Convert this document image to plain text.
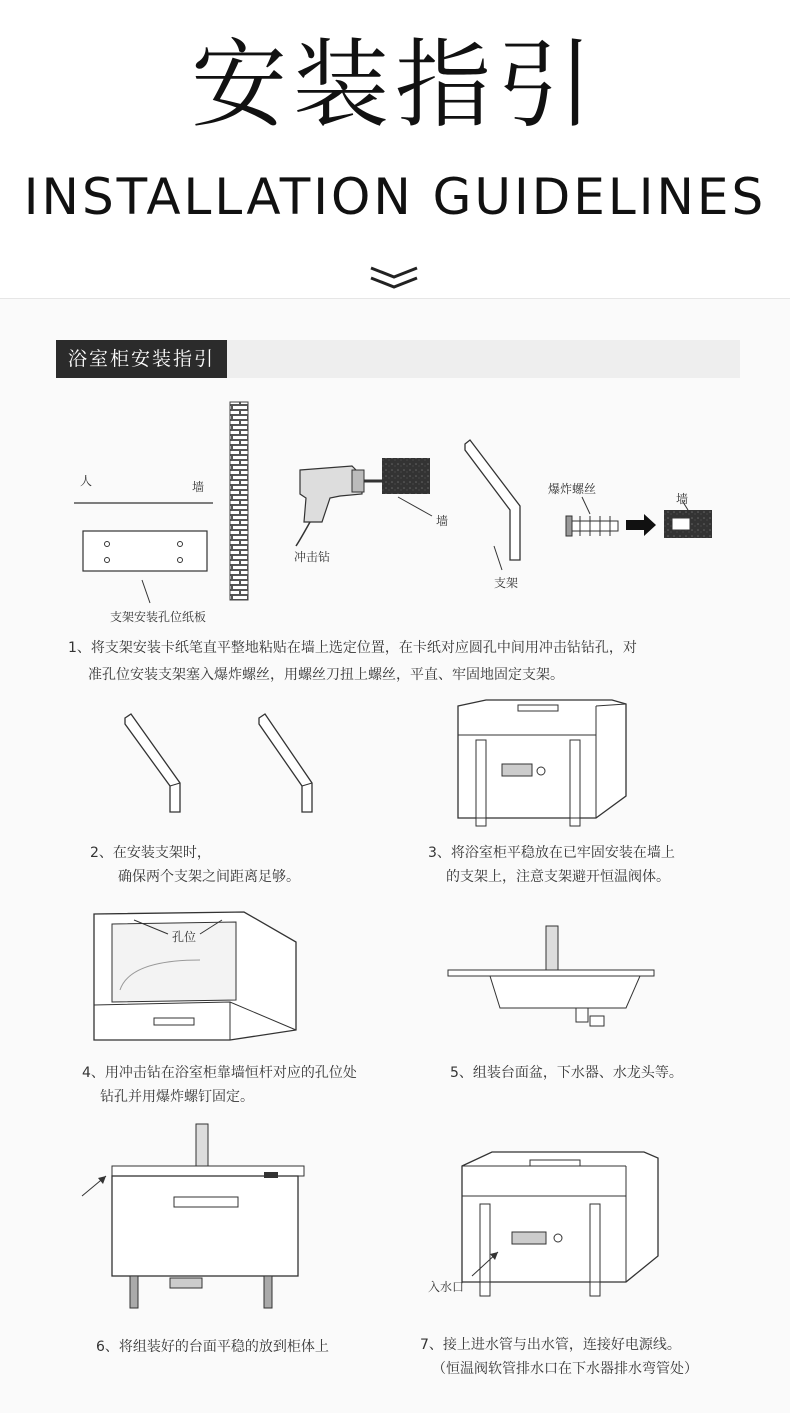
安装指引
INSTALLATION GUIDELINES
浴室柜安装指引
人	墙
支架安装孔位纸板
冲击钻
墙
支架
爆炸螺丝
墙
1、将支架安装卡纸笔直平整地粘贴在墙上选定位置，在卡纸对应圆孔中间用冲击钻钻孔，对
准孔位安装支架塞入爆炸螺丝，用螺丝刀扭上螺丝，平直、牢固地固定支架。
2、在安装支架时，
确保两个支架之间距离足够。
3、将浴室柜平稳放在已牢固安装在墙上
的支架上，注意支架避开恒温阀体。
孔位
4、用冲击钻在浴室柜靠墙恒杆对应的孔位处
钻孔并用爆炸螺钉固定。
5、组装台面盆，下水器、水龙头等。
6、将组装好的台面平稳的放到柜体上
入水口
7、接上进水管与出水管，连接好电源线。
（恒温阀软管排水口在下水器排水弯管处）
